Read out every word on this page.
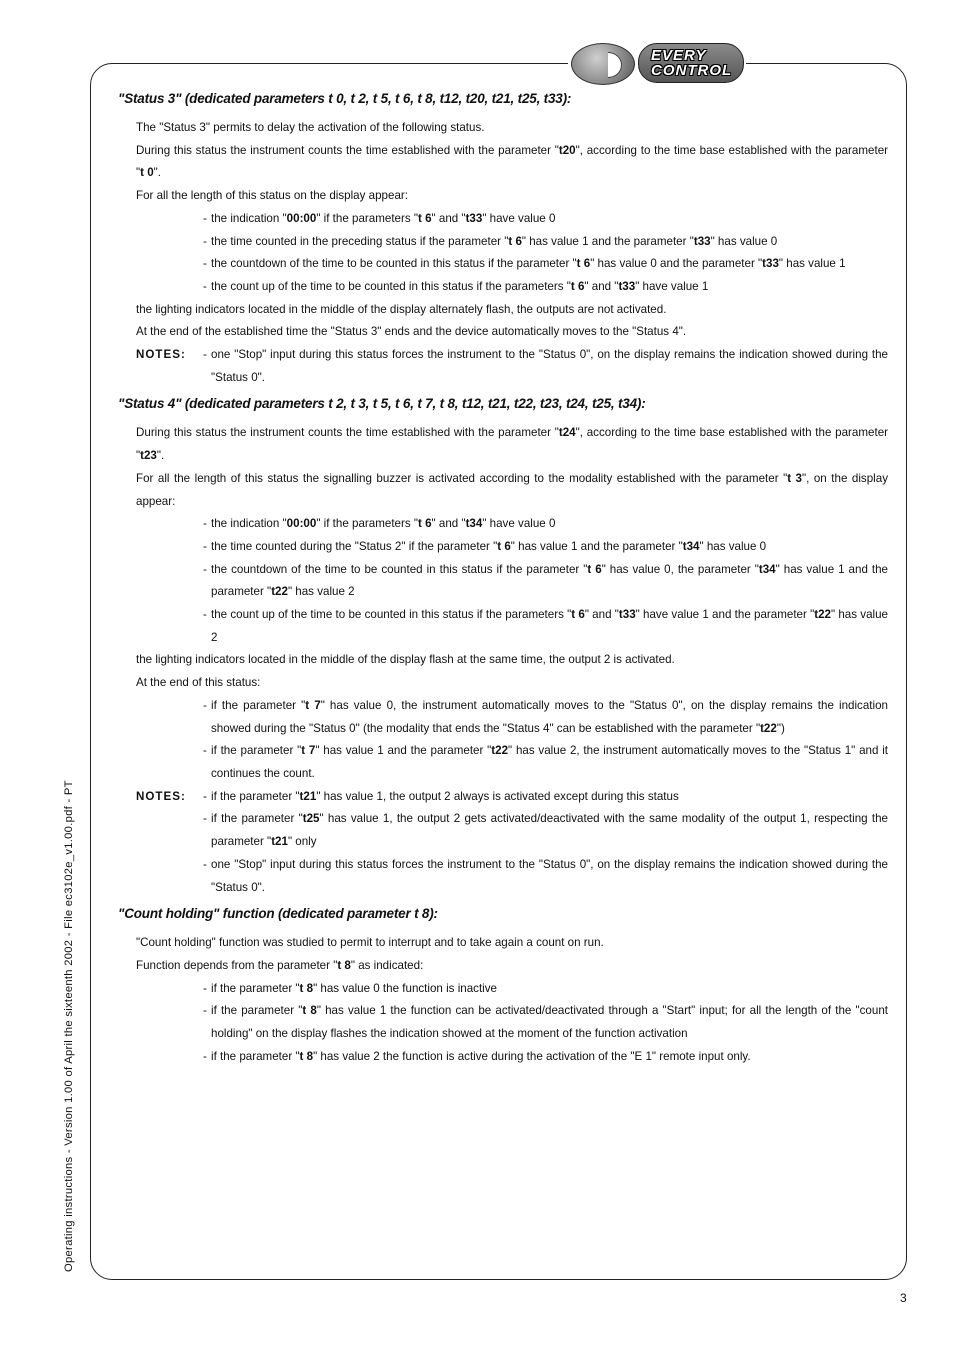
EVERY
CONTROL
"Status 3" (dedicated parameters t 0, t 2, t 5, t 6, t 8, t12, t20, t21, t25, t33):

The "Status 3" permits to delay the activation of the following status.

During this status the instrument counts the time established with the parameter "t20", according to the time base established with the parameter "t 0".

For all the length of this status on the display appear:

- the indication "00:00" if the parameters "t 6" and "t33" have value 0
- the time counted in the preceding status if the parameter "t 6" has value 1 and the parameter "t33" has value 0
- the countdown of the time to be counted in this status if the parameter "t 6" has value 0 and the parameter "t33" has value 1
- the count up of the time to be counted in this status if the parameters "t 6" and "t33" have value 1

the lighting indicators located in the middle of the display alternately flash, the outputs are not activated.

At the end of the established time the "Status 3" ends and the device automatically moves to the "Status 4".

NOTES: - one "Stop" input during this status forces the instrument to the "Status 0", on the display remains the indication showed during the "Status 0".
"Status 4" (dedicated parameters t 2, t 3, t 5, t 6, t 7, t 8, t12, t21, t22, t23, t24, t25, t34):

During this status the instrument counts the time established with the parameter "t24", according to the time base established with the parameter "t23".

For all the length of this status the signalling buzzer is activated according to the modality established with the parameter "t 3", on the display appear:

- the indication "00:00" if the parameters "t 6" and "t34" have value 0
- the time counted during the "Status 2" if the parameter "t 6" has value 1 and the parameter "t34" has value 0
- the countdown of the time to be counted in this status if the parameter "t 6" has value 0, the parameter "t34" has value 1 and the parameter "t22" has value 2
- the count up of the time to be counted in this status if the parameters "t 6" and "t33" have value 1 and the parameter "t22" has value 2

the lighting indicators located in the middle of the display flash at the same time, the output 2 is activated.

At the end of this status:

- if the parameter "t 7" has value 0, the instrument automatically moves to the "Status 0", on the display remains the indication showed during the "Status 0" (the modality that ends the "Status 4" can be established with the parameter "t22")
- if the parameter "t 7" has value 1 and the parameter "t22" has value 2, the instrument automatically moves to the "Status 1" and it continues the count.
NOTES: - if the parameter "t21" has value 1, the output 2 always is activated except during this status
- if the parameter "t25" has value 1, the output 2 gets activated/deactivated with the same modality of the output 1, respecting the parameter "t21" only
- one "Stop" input during this status forces the instrument to the "Status 0", on the display remains the indication showed during the "Status 0".
"Count holding" function (dedicated parameter t 8):

"Count holding" function was studied to permit to interrupt and to take again a count on run.

Function depends from the parameter "t 8" as indicated:

- if the parameter "t 8" has value 0 the function is inactive
- if the parameter "t 8" has value 1 the function can be activated/deactivated through a "Start" input; for all the length of the "count holding" on the display flashes the indication showed at the moment of the function activation
- if the parameter "t 8" has value 2 the function is active during the activation of the "E 1" remote input only.
Operating instructions - Version 1.00 of April the sixteenth 2002 - File ec3102e_v1.00.pdf - PT
3
